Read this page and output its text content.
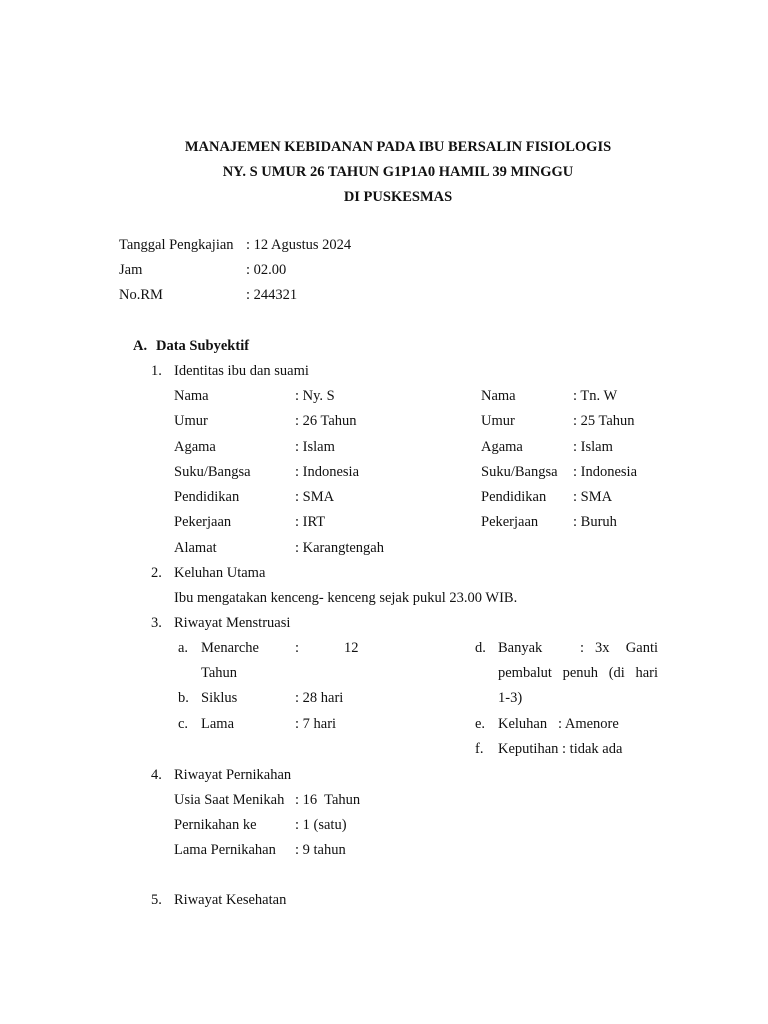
MANAJEMEN KEBIDANAN PADA IBU BERSALIN FISIOLOGIS
NY. S UMUR 26 TAHUN G1P1A0 HAMIL 39 MINGGU
DI PUSKESMAS
Tanggal Pengkajian : 12 Agustus 2024
Jam	: 02.00
No.RM	: 244321
A. Data Subyektif
1. Identitas ibu dan suami
Nama	: Ny. S
Umur	: 26 Tahun
Agama	: Islam
Suku/Bangsa	: Indonesia
Pendidikan	: SMA
Pekerjaan	: IRT
Alamat	: Karangtengah
Nama	: Tn. W
Umur	: 25 Tahun
Agama	: Islam
Suku/Bangsa : Indonesia
Pendidikan : SMA
Pekerjaan : Buruh
2. Keluhan Utama
Ibu mengatakan kenceng- kenceng sejak pukul 23.00 WIB.
3. Riwayat Menstruasi
a. Menarche :	12
Tahun
b. Siklus	: 28 hari
c. Lama	: 7 hari
d. Banyak	: 3x Ganti
pembalut penuh (di hari
1-3)
e. Keluhan   : Amenore
f. Keputihan : tidak ada
4. Riwayat Pernikahan
Usia Saat Menikah : 16  Tahun
Pernikahan ke	: 1 (satu)
Lama Pernikahan : 9 tahun
5. Riwayat Kesehatan
